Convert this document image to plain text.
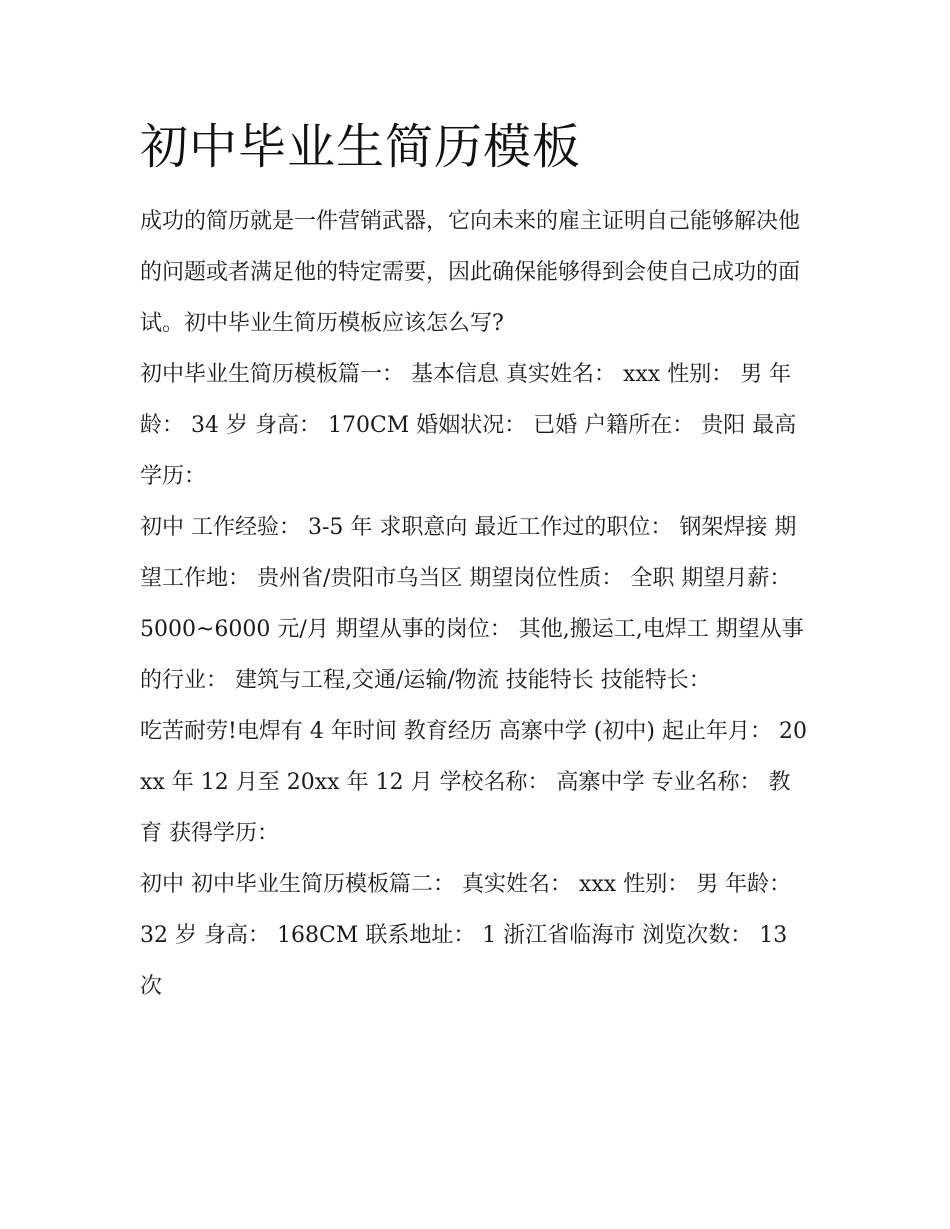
初中毕业生简历模板

成功的简历就是一件营销武器，它向未来的雇主证明自己能够解决他的问题或者满足他的特定需要，因此确保能够得到会使自己成功的面试。初中毕业生简历模板应该怎么写?

初中毕业生简历模板篇一： 基本信息 真实姓名： xxx 性别： 男 年龄： 34 岁 身高： 170CM 婚姻状况： 已婚 户籍所在： 贵阳 最高学历：

初中 工作经验： 3-5 年 求职意向 最近工作过的职位： 钢架焊接 期望工作地： 贵州省/贵阳市乌当区 期望岗位性质： 全职 期望月薪：

5000~6000 元/月 期望从事的岗位： 其他,搬运工,电焊工 期望从事的行业： 建筑与工程,交通/运输/物流 技能特长 技能特长：

吃苦耐劳!电焊有 4 年时间 教育经历 高寨中学 (初中) 起止年月： 20xx 年 12 月至 20xx 年 12 月 学校名称： 高寨中学 专业名称： 教育 获得学历：

初中 初中毕业生简历模板篇二： 真实姓名： xxx 性别： 男 年龄： 32 岁 身高： 168CM 联系地址： 1 浙江省临海市 浏览次数： 13 次
